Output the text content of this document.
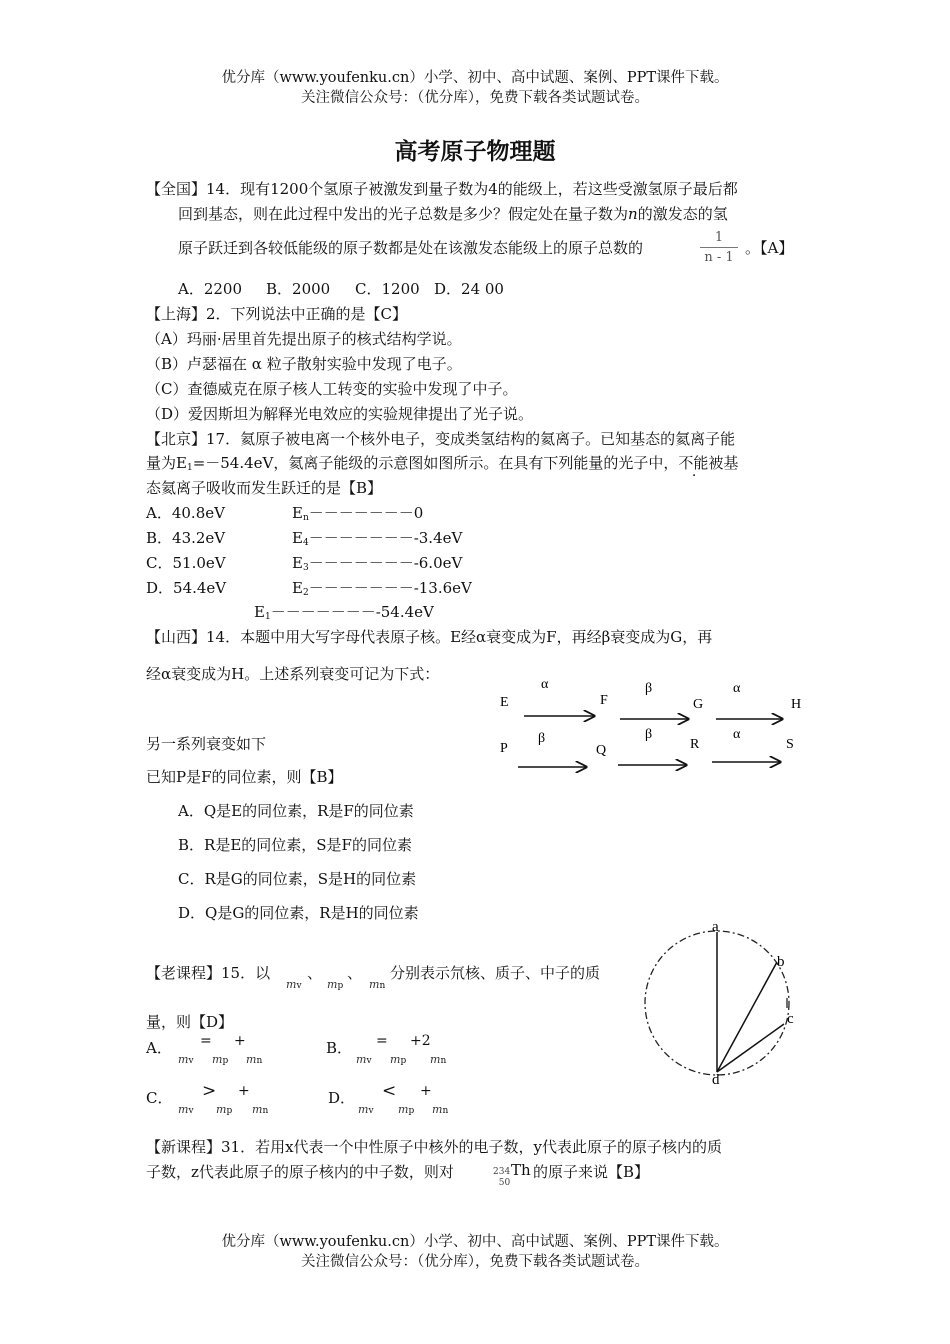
优分库（www.youfenku.cn）小学、初中、高中试题、案例、PPT课件下载。
关注微信公众号：（优分库），免费下载各类试题试卷。
高考原子物理题
【全国】14．现有1200个氢原子被激发到量子数为4的能级上，若这些受激氢原子最后都
回到基态，则在此过程中发出的光子总数是多少？假定处在量子数为n的激发态的氢
原子跃迁到各较低能级的原子数都是处在该激发态能级上的原子总数的
1
n - 1
。【A】
A．2200 B．2000 C．1200 D．24 00
【上海】2．下列说法中正确的是【C】
（A）玛丽·居里首先提出原子的核式结构学说。
（B）卢瑟福在 α 粒子散射实验中发现了电子。
（C）查德威克在原子核人工转变的实验中发现了中子。
（D）爱因斯坦为解释光电效应的实验规律提出了光子说。
【北京】17．氦原子被电离一个核外电子，变成类氢结构的氦离子。已知基态的氦离子能
量为$E_1=-54.4eV$，氦离子能级的示意图如图所示。在具有下列能量的光子中，不能被基
态氦离子吸收而发生跃迁的是【B】
A．40.8eV
B．43.2eV
C．51.0eV
D．54.4eV
$E_n-------0$
$E_4--------3.4eV$
$E_3--------6.0eV$
$E_2--------13.6eV$
$E_1--------54.4eV$
【山西】14．本题中用大写字母代表原子核。E经α衰变成为F，再经β衰变成为G，再
经α衰变成为H。上述系列衰变可记为下式：
E	F	G	H
α	β	α
P	Q	R	S
β	β	α
另一系列衰变如下
已知P是F的同位素，则【B】
A．Q是E的同位素，R是F的同位素
B．R是E的同位素，S是F的同位素
C．R是G的同位素，S是H的同位素
D．Q是G的同位素，R是H的同位素
【老课程】15．以
mv
、
mp
、
mn
分别表示氘核、质子、中子的质
量，则【D】
A． = +
mv mp mn
B． = +2
mv mp mn
C． > +
mv mp mn
D． < +
mv mp mn
a
b
c
d
【新课程】31．若用x代表一个中性原子中核外的电子数，y代表此原子的原子核内的质
子数，z代表此原子的原子核内的中子数，则对	234
50
Th 的原子来说【B】
优分库（www.youfenku.cn）小学、初中、高中试题、案例、PPT课件下载。
关注微信公众号：（优分库），免费下载各类试题试卷。
